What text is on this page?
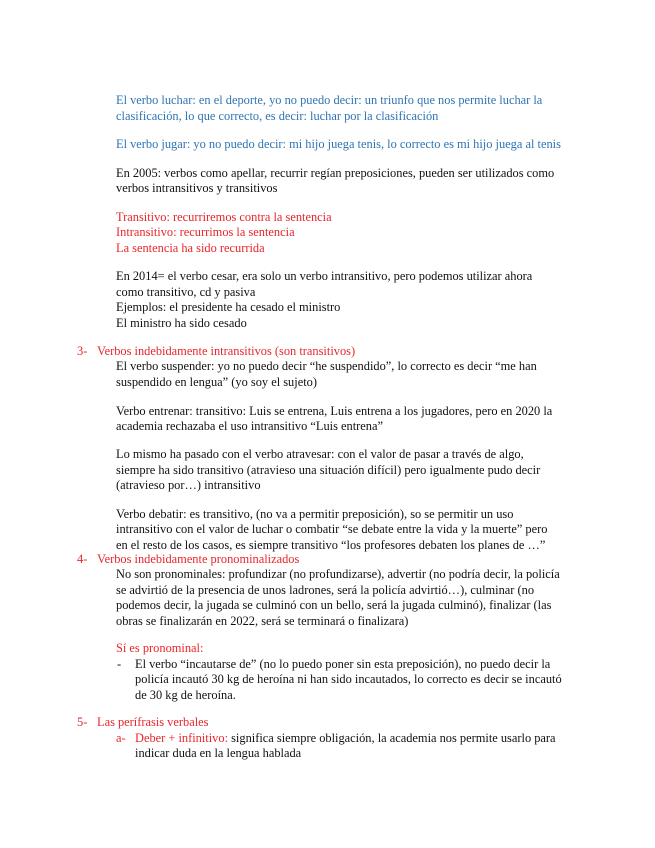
El verbo luchar: en el deporte, yo no puedo decir: un triunfo que nos permite luchar la
clasificación, lo que correcto, es decir: luchar por la clasificación
El verbo jugar: yo no puedo decir: mi hijo juega tenis, lo correcto es mi hijo juega al tenis
En 2005: verbos como apellar, recurrir regían preposiciones, pueden ser utilizados como
verbos intransitivos y transitivos
Transitivo: recurriremos contra la sentencia
Intransitivo: recurrimos la sentencia
La sentencia ha sido recurrida
En 2014= el verbo cesar, era solo un verbo intransitivo, pero podemos utilizar ahora
como transitivo, cd y pasiva
Ejemplos: el presidente ha cesado el ministro
El ministro ha sido cesado
3- Verbos indebidamente intransitivos (son transitivos)
El verbo suspender: yo no puedo decir “he suspendido”, lo correcto es decir “me han
suspendido en lengua” (yo soy el sujeto)
Verbo entrenar: transitivo: Luis se entrena, Luis entrena a los jugadores, pero en 2020 la
academia rechazaba el uso intransitivo “Luis entrena”
Lo mismo ha pasado con el verbo atravesar: con el valor de pasar a través de algo,
siempre ha sido transitivo (atravieso una situación difícil) pero igualmente pudo decir
(atravieso por…) intransitivo
Verbo debatir: es transitivo, (no va a permitir preposición), so se permitir un uso
intransitivo con el valor de luchar o combatir “se debate entre la vida y la muerte” pero
en el resto de los casos, es siempre transitivo “los profesores debaten los planes de …”
4- Verbos indebidamente pronominalizados
No son pronominales: profundizar (no profundizarse), advertir (no podría decir, la policía
se advirtió de la presencia de unos ladrones, será la policía advirtió…), culminar (no
podemos decir, la jugada se culminó con un bello, será la jugada culminó), finalizar (las
obras se finalizarán en 2022, será se terminará o finalizara)
Sí es pronominal:
- El verbo “incautarse de” (no lo puedo poner sin esta preposición), no puedo decir la
policía incautó 30 kg de heroína ni han sido incautados, lo correcto es decir se incautó
de 30 kg de heroína.
5- Las perífrasis verbales
a- Deber + infinitivo: significa siempre obligación, la academia nos permite usarlo para
indicar duda en la lengua hablada
